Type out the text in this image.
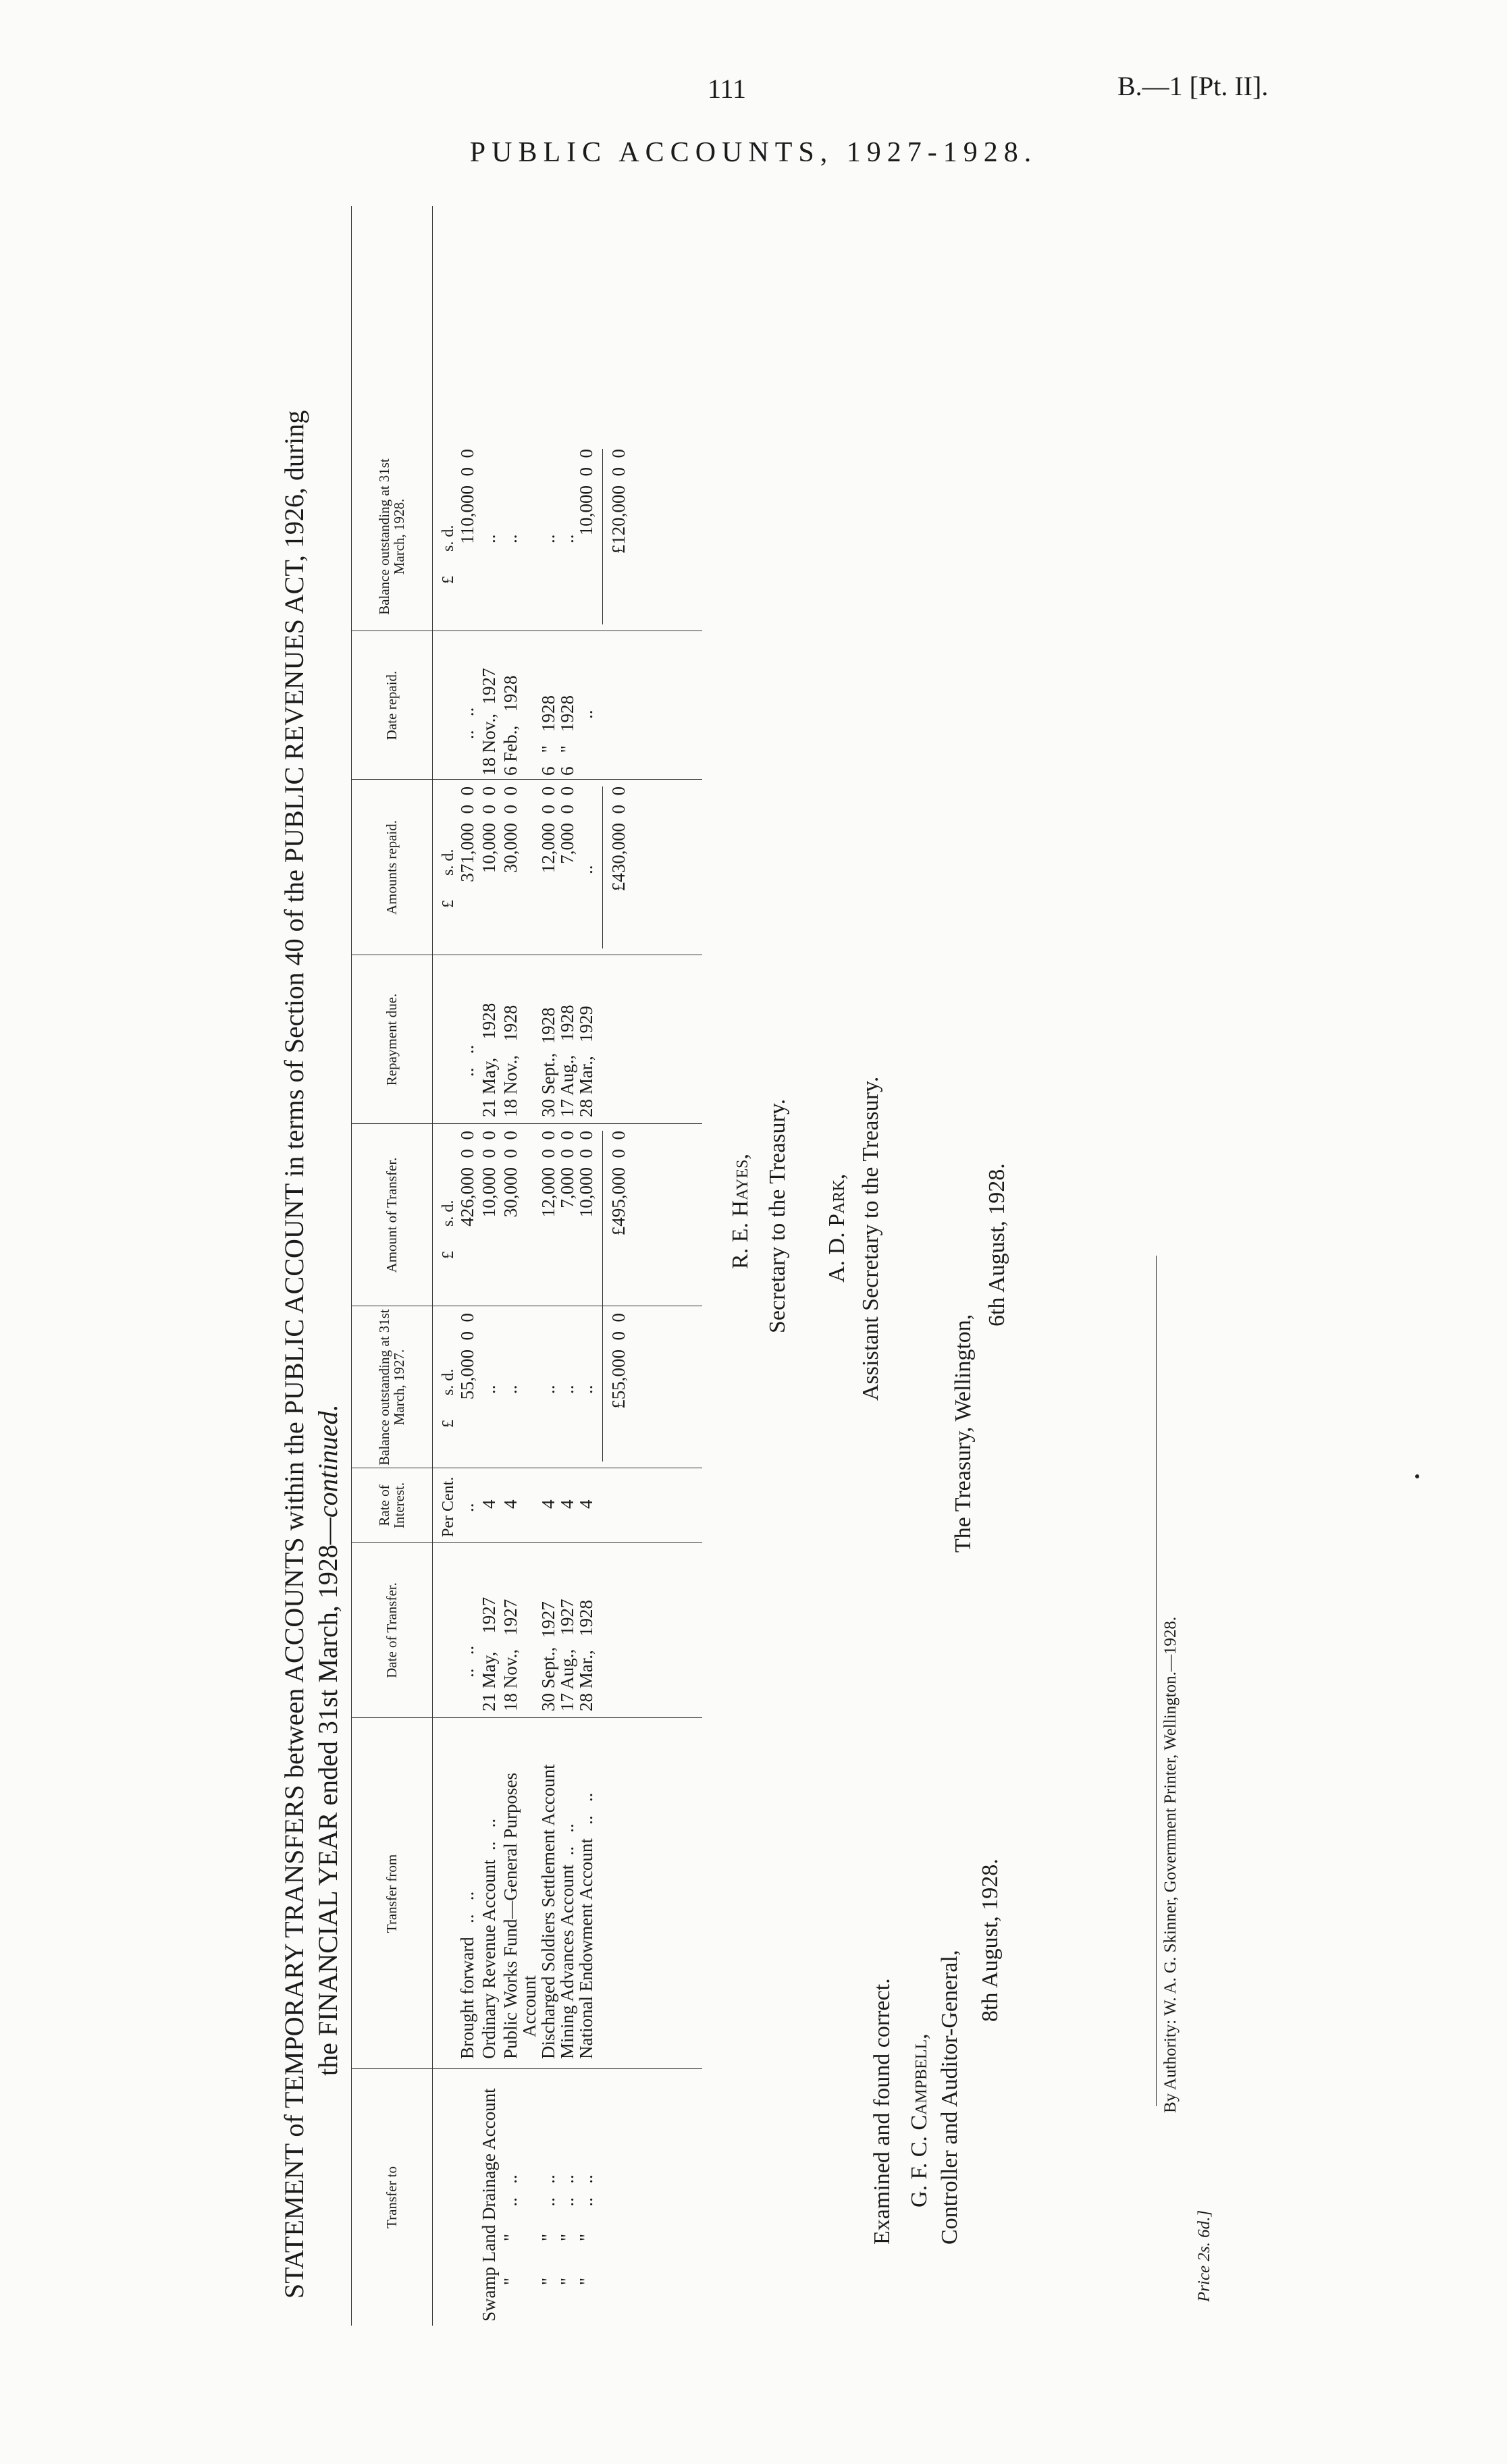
111	B.—1 [Pt. II].
PUBLIC ACCOUNTS, 1927-1928.
STATEMENT of TEMPORARY TRANSFERS between ACCOUNTS within the PUBLIC ACCOUNT in terms of Section 40 of the PUBLIC REVENUES ACT, 1926, during the FINANCIAL YEAR ended 31st March, 1928—continued.
Transfer to
Transfer from
Date of Transfer.
Rate of Interest.
Balance outstanding at 31st March, 1927.
Amount of Transfer.
Repayment due.
Amounts repaid.
Date repaid.
Balance outstanding at 31st March, 1928.
Per Cent.
£      s. d.
£      s. d.
£      s. d.
£      s. d.
Brought forward   ..   ..
..   ..
..
55,000  0  0
426,000  0  0
..   ..
371,000  0  0
..   ..
110,000  0  0
Swamp Land Drainage Account
Ordinary Revenue Account  ..   ..
21 May,    1927
4
..
10,000  0  0
21 May,    1928
10,000  0  0
18 Nov.,  1927
..
"        "      ..   ..
Public Works Fund—General Purposes
18 Nov.,   1927
4
..
30,000  0  0
18 Nov.,   1928
30,000  0  0
6 Feb.,   1928
..
Account
"        "      ..   ..
Discharged Soldiers Settlement Account
30 Sept.,  1927
4
..
12,000  0  0
30 Sept.,  1928
12,000  0  0
6   "   1928
..
"        "      ..   ..
Mining Advances Account  ..   ..
17 Aug.,   1927
4
..
7,000  0  0
17 Aug.,   1928
7,000  0  0
6   "   1928
..
"        "      ..   ..
National Endowment Account   ..   ..
28 Mar.,   1928
4
..
10,000  0  0
28 Mar.,   1929
..
..
10,000  0  0
£55,000  0  0
£495,000  0  0
£430,000  0  0
£120,000  0  0
Examined and found correct. G. F. C. Campbell, Controller and Auditor-General,
8th August, 1928.
R. E. Hayes, Secretary to the Treasury. A. D. Park, Assistant Secretary to the Treasury.
The Treasury, Wellington,
6th August, 1928.
By Authority: W. A. G. Skinner, Government Printer, Wellington.—1928.
Price 2s. 6d.]
